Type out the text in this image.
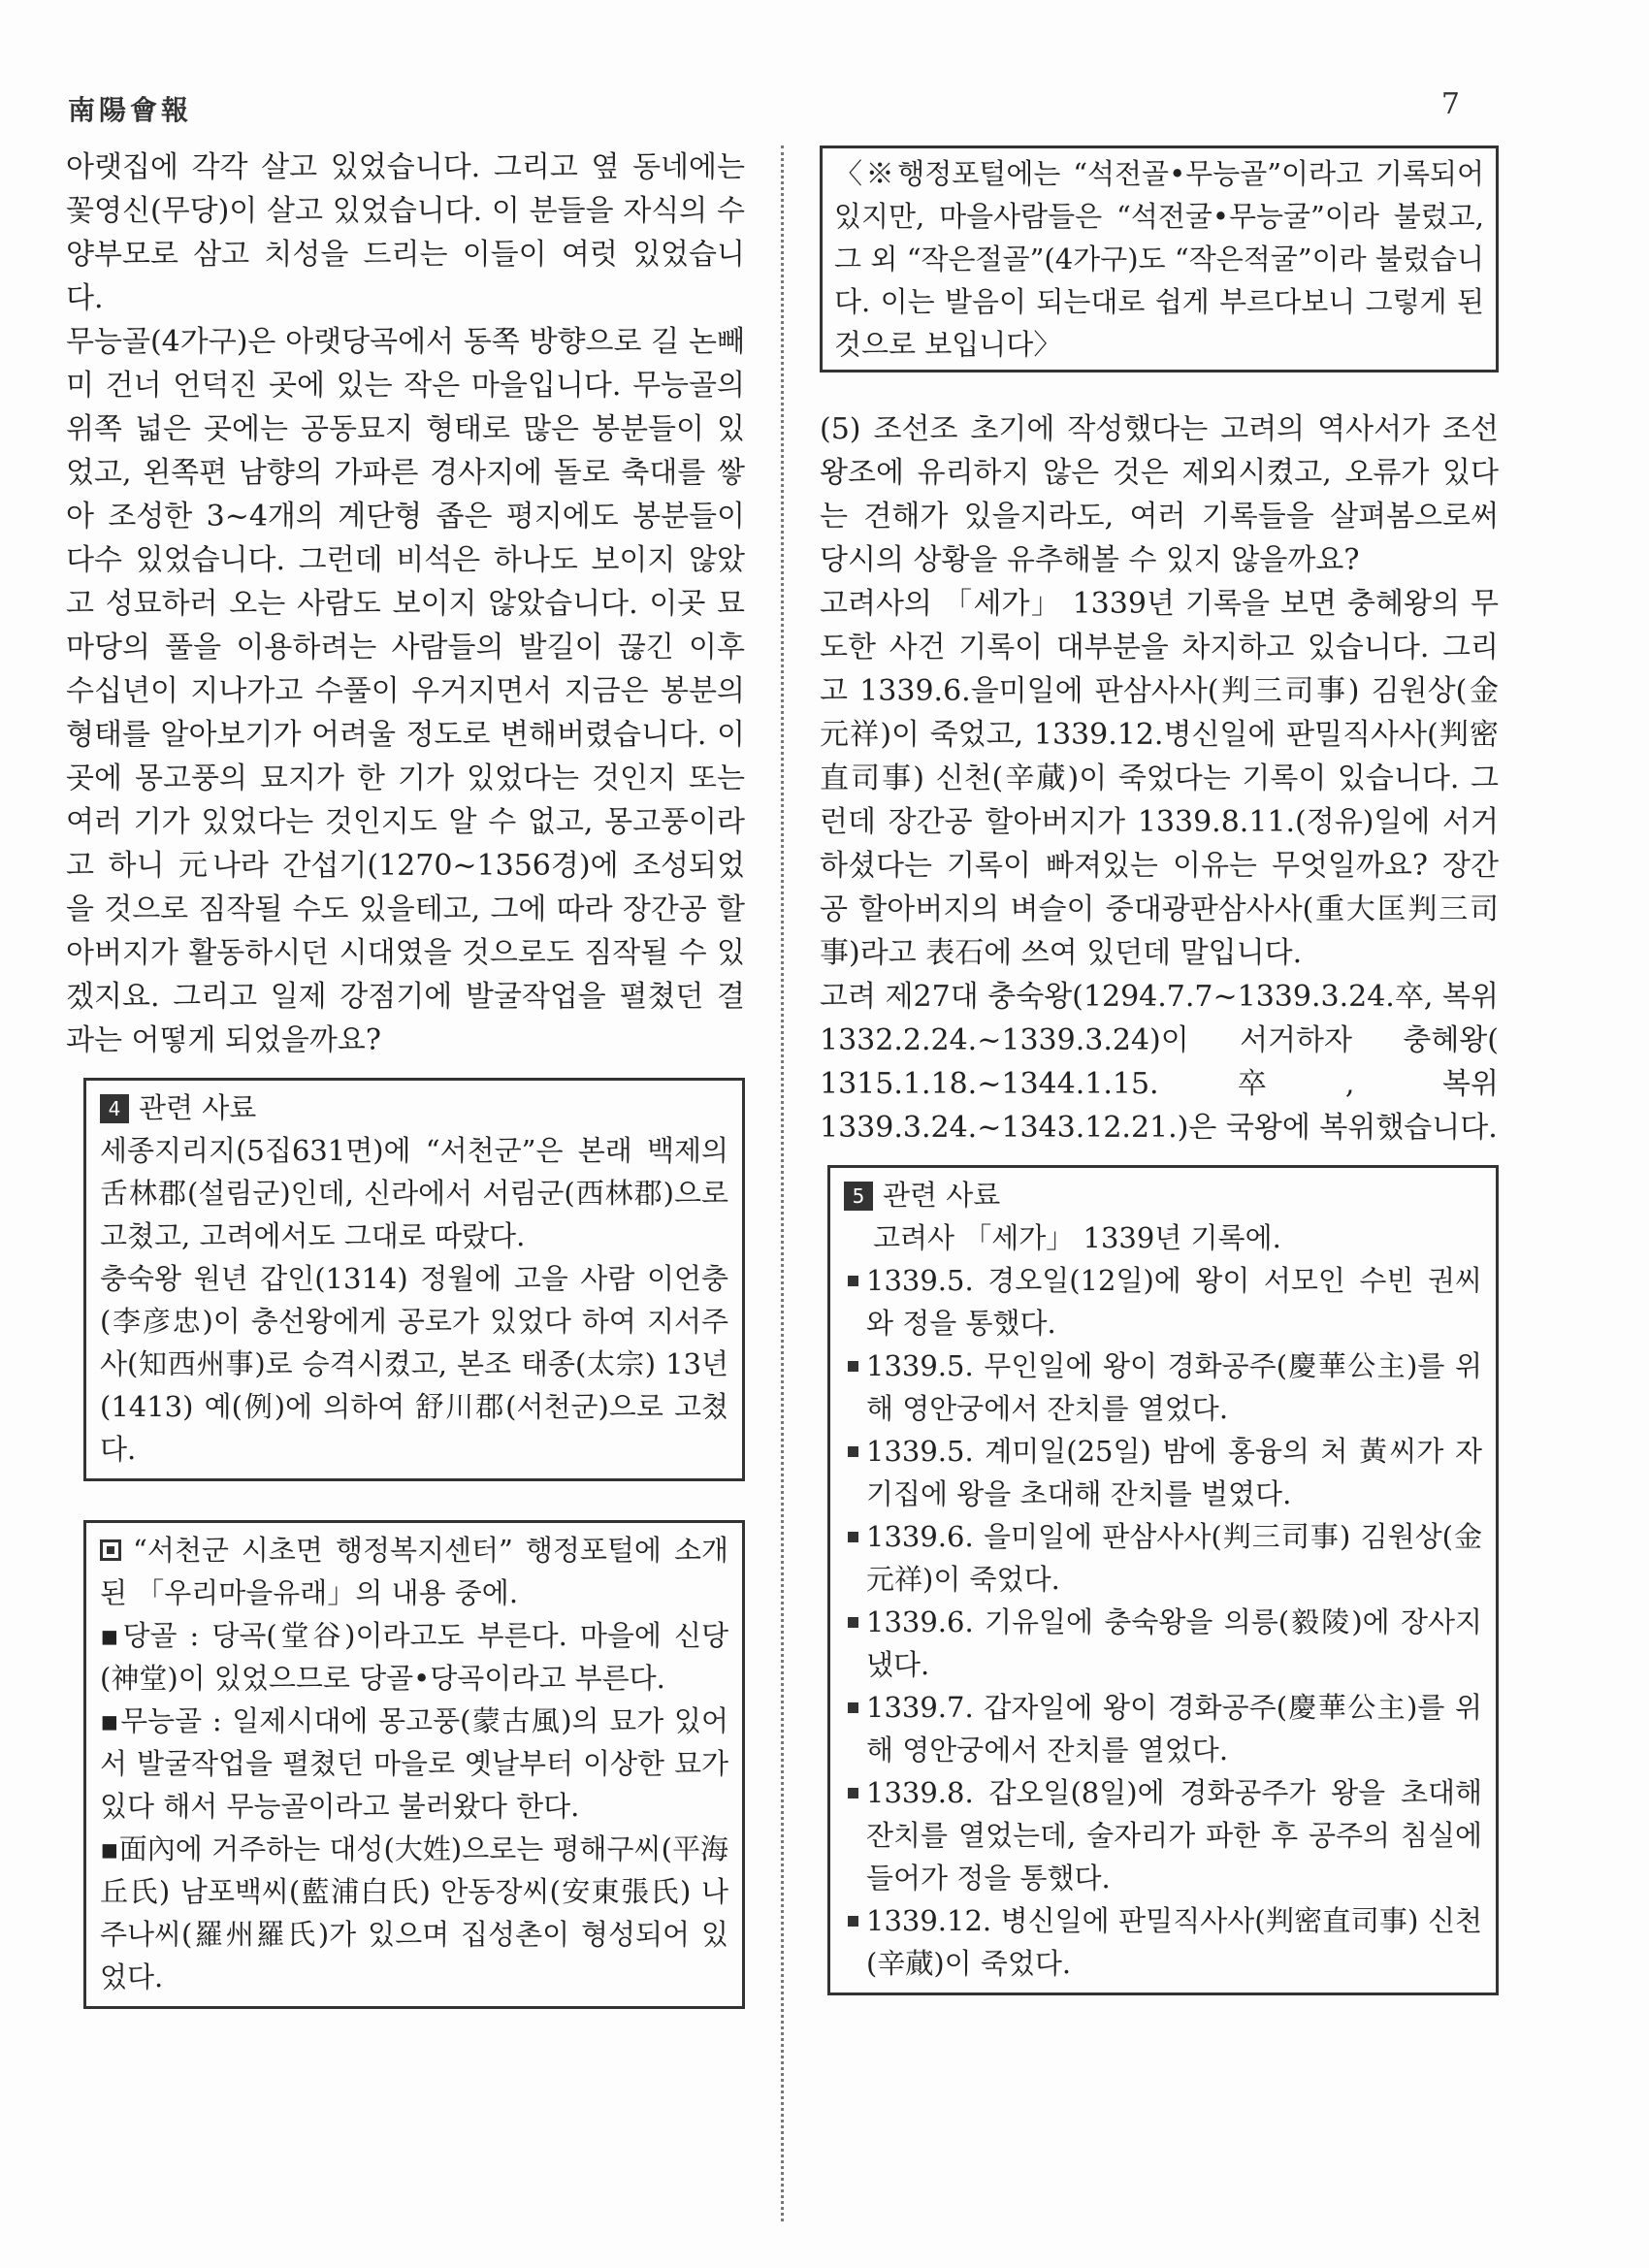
南陽會報	7

아랫집에 각각 살고 있었습니다. 그리고 옆 동네에는 꽃영신(무당)이 살고 있었습니다. 이 분들을 자식의 수양부모로 삼고 치성을 드리는 이들이 여럿 있었습니다.

무능골(4가구)은 아랫당곡에서 동쪽 방향으로 길 논빼미 건너 언덕진 곳에 있는 작은 마을입니다. 무능골의 위쪽 넓은 곳에는 공동묘지 형태로 많은 봉분들이 있었고, 왼쪽편 남향의 가파른 경사지에 돌로 축대를 쌓아 조성한 3~4개의 계단형 좁은 평지에도 봉분들이 다수 있었습니다. 그런데 비석은 하나도 보이지 않았고 성묘하러 오는 사람도 보이지 않았습니다. 이곳 묘마당의 풀을 이용하려는 사람들의 발길이 끊긴 이후 수십년이 지나가고 수풀이 우거지면서 지금은 봉분의 형태를 알아보기가 어려울 정도로 변해버렸습니다. 이곳에 몽고풍의 묘지가 한 기가 있었다는 것인지 또는 여러 기가 있었다는 것인지도 알 수 없고, 몽고풍이라고 하니 元나라 간섭기(1270~1356경)에 조성되었을 것으로 짐작될 수도 있을테고, 그에 따라 장간공 할아버지가 활동하시던 시대였을 것으로도 짐작될 수 있겠지요. 그리고 일제 강점기에 발굴작업을 펼쳤던 결과는 어떻게 되었을까요?

4 관련 사료

세종지리지(5집631면)에 “서천군”은 본래 백제의 舌林郡(설림군)인데, 신라에서 서림군(西林郡)으로 고쳤고, 고려에서도 그대로 따랐다.

충숙왕 원년 갑인(1314) 정월에 고을 사람 이언충(李彦忠)이 충선왕에게 공로가 있었다 하여 지서주사(知西州事)로 승격시켰고, 본조 태종(太宗) 13년(1413) 예(例)에 의하여 舒川郡(서천군)으로 고쳤다.

“서천군 시초면 행정복지센터” 행정포털에 소개된 「우리마을유래」의 내용 중에.

▪당골 : 당곡(堂谷)이라고도 부른다. 마을에 신당(神堂)이 있었으므로 당골•당곡이라고 부른다.

▪무능골 : 일제시대에 몽고풍(蒙古風)의 묘가 있어서 발굴작업을 펼쳤던 마을로 옛날부터 이상한 묘가 있다 해서 무능골이라고 불러왔다 한다.

▪面內에 거주하는 대성(大姓)으로는 평해구씨(平海丘氏) 남포백씨(藍浦白氏) 안동장씨(安東張氏) 나주나씨(羅州羅氏)가 있으며 집성촌이 형성되어 있었다.

〈※행정포털에는 “석전골•무능골”이라고 기록되어있지만, 마을사람들은 “석전굴•무능굴”이라 불렀고, 그 외 “작은절골”(4가구)도 “작은적굴”이라 불렀습니다. 이는 발음이 되는대로 쉽게 부르다보니 그렇게 된 것으로 보입니다〉

(5) 조선조 초기에 작성했다는 고려의 역사서가 조선왕조에 유리하지 않은 것은 제외시켰고, 오류가 있다는 견해가 있을지라도, 여러 기록들을 살펴봄으로써 당시의 상황을 유추해볼 수 있지 않을까요?

고려사의 「세가」 1339년 기록을 보면 충혜왕의 무도한 사건 기록이 대부분을 차지하고 있습니다. 그리고 1339.6.을미일에 판삼사사(判三司事) 김원상(金元祥)이 죽었고, 1339.12.병신일에 판밀직사사(判密直司事) 신천(辛蕆)이 죽었다는 기록이 있습니다. 그런데 장간공 할아버지가 1339.8.11.(정유)일에 서거하셨다는 기록이 빠져있는 이유는 무엇일까요? 장간공 할아버지의 벼슬이 중대광판삼사사(重大匡判三司事)라고 表石에 쓰여 있던데 말입니다.

고려 제27대 충숙왕(1294.7.7~1339.3.24.卒, 복위 1332.2.24.~1339.3.24)이 서거하자 충혜왕( 1315.1.18.~1344.1.15.卒, 복위 1339.3.24.~1343.12.21.)은 국왕에 복위했습니다.

5 관련 사료

고려사 「세가」 1339년 기록에.

1339.5. 경오일(12일)에 왕이 서모인 수빈 권씨와 정을 통했다.

1339.5. 무인일에 왕이 경화공주(慶華公主)를 위해 영안궁에서 잔치를 열었다.

1339.5. 계미일(25일) 밤에 홍융의 처 黃씨가 자기집에 왕을 초대해 잔치를 벌였다.

1339.6. 을미일에 판삼사사(判三司事) 김원상(金元祥)이 죽었다.

1339.6. 기유일에 충숙왕을 의릉(毅陵)에 장사지냈다.

1339.7. 갑자일에 왕이 경화공주(慶華公主)를 위해 영안궁에서 잔치를 열었다.

1339.8. 갑오일(8일)에 경화공주가 왕을 초대해 잔치를 열었는데, 술자리가 파한 후 공주의 침실에 들어가 정을 통했다.

1339.12. 병신일에 판밀직사사(判密直司事) 신천(辛蕆)이 죽었다.
